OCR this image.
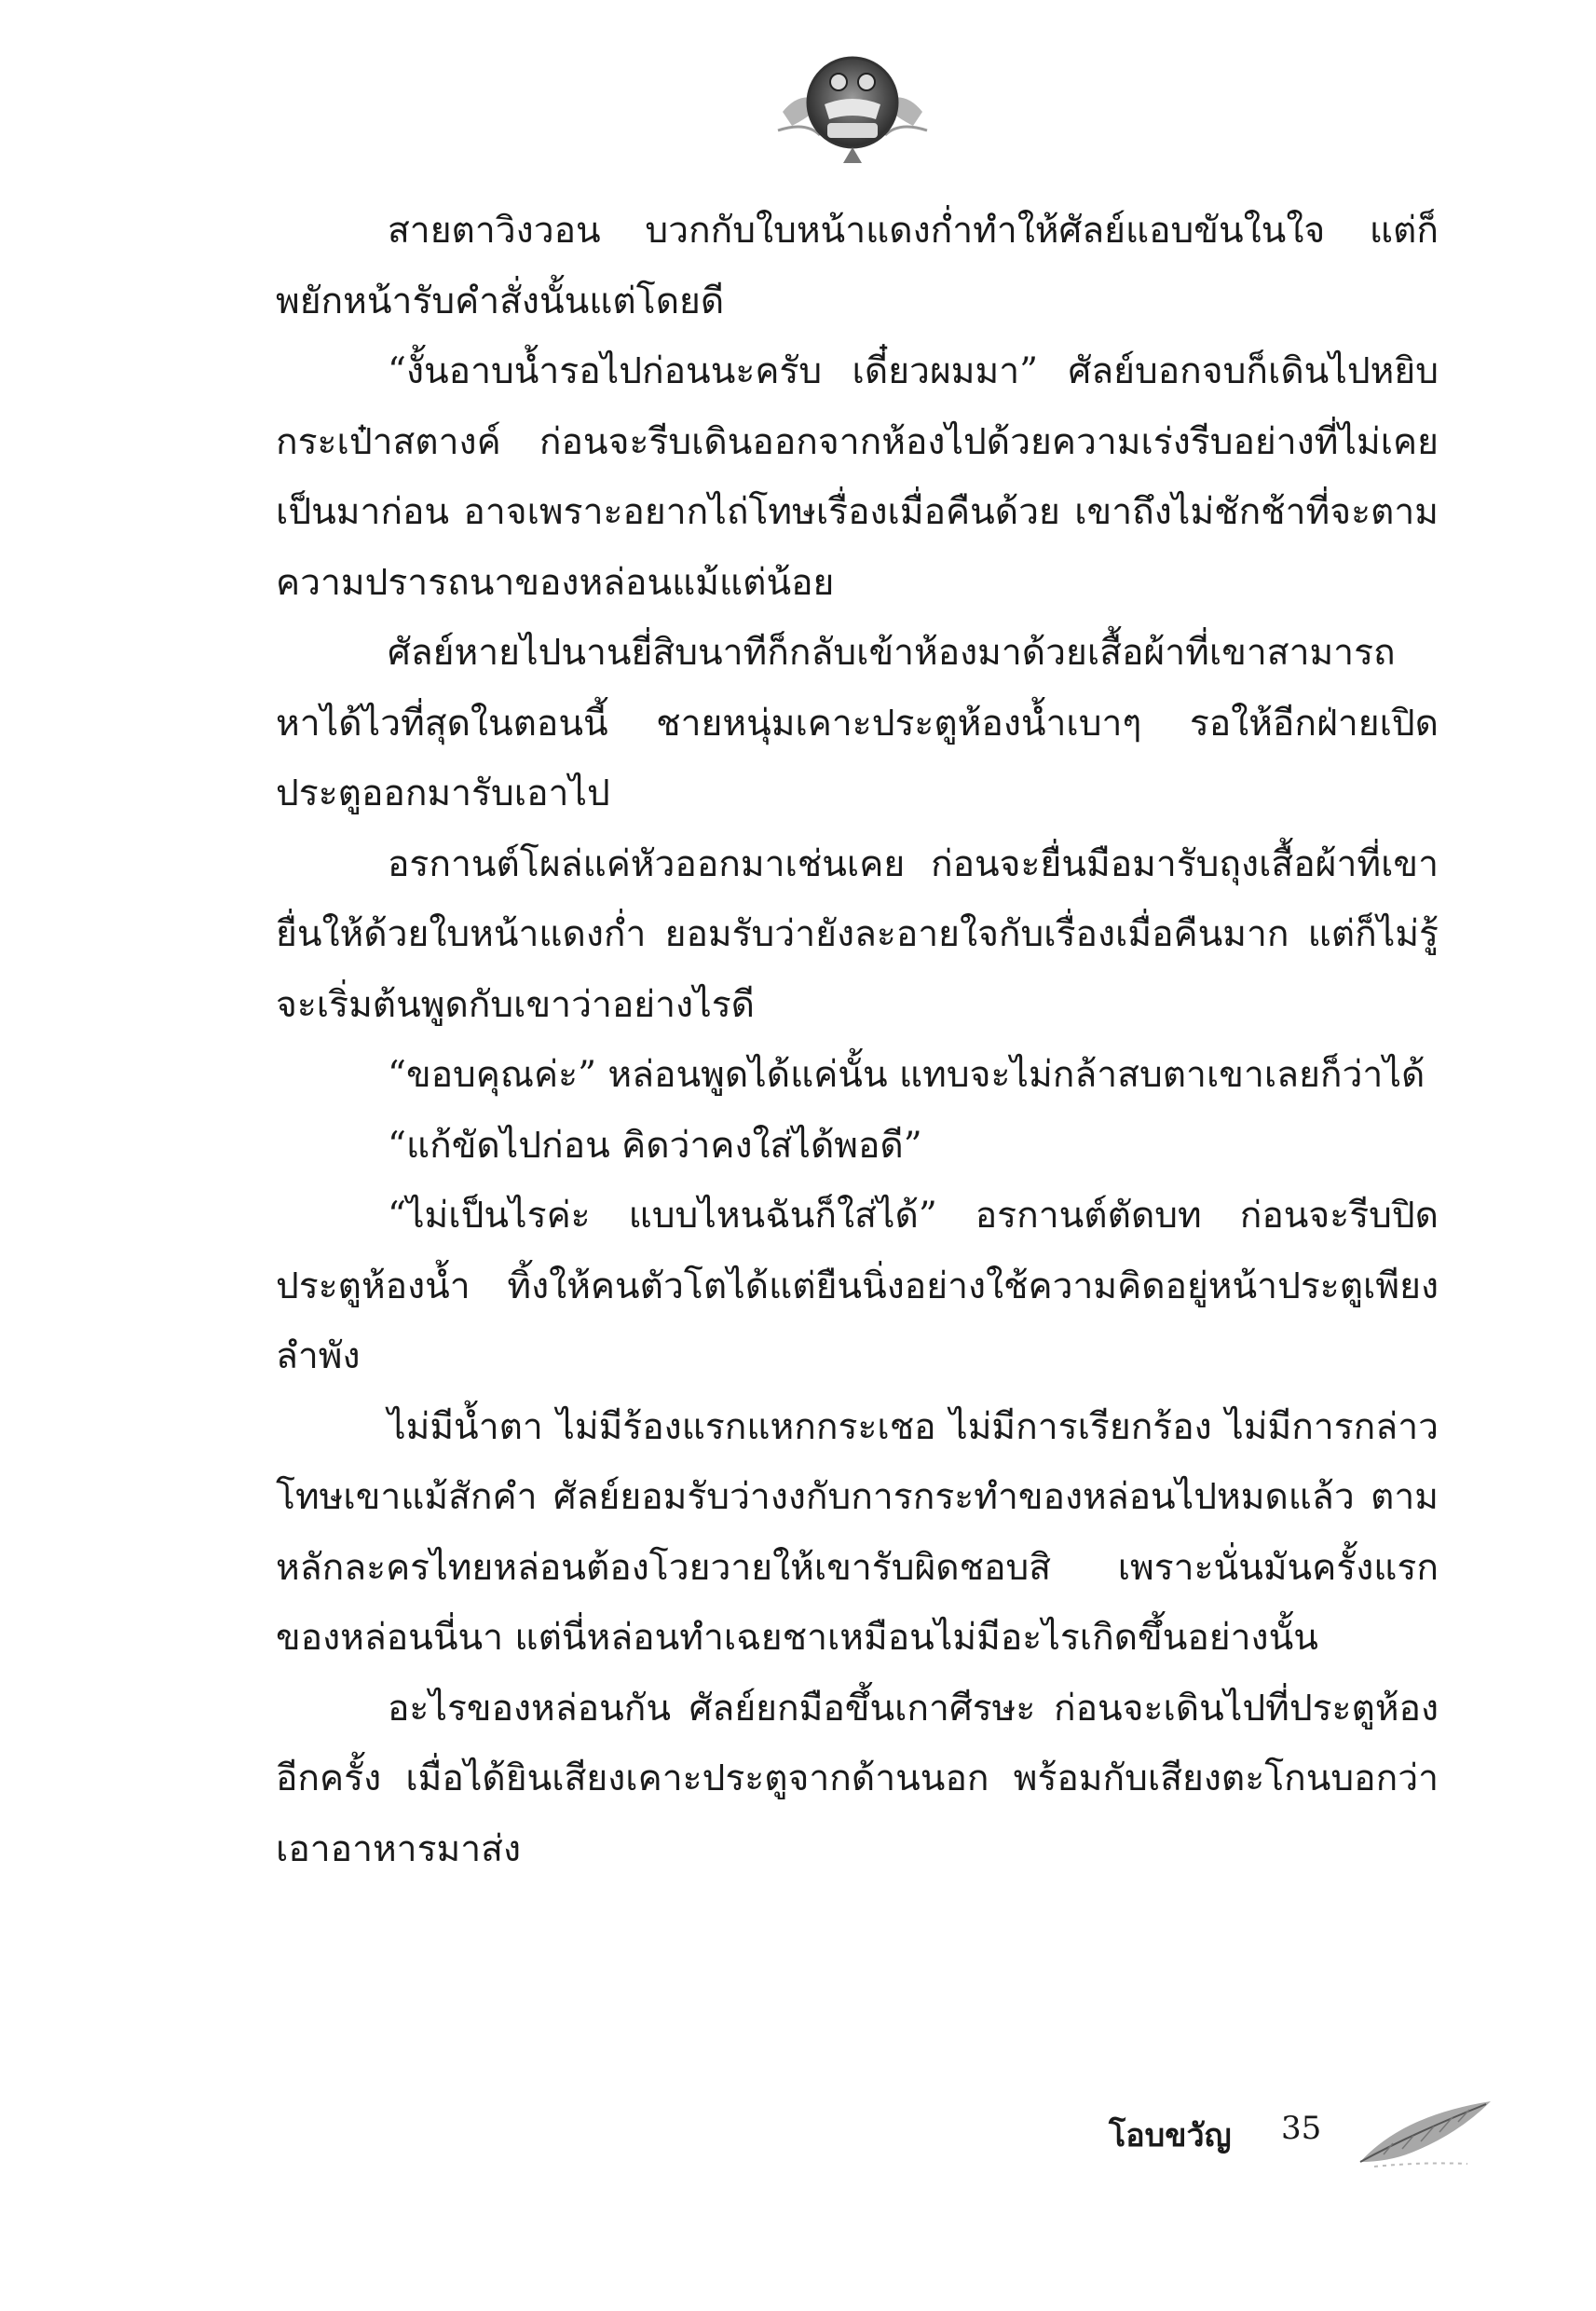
สายตาวิงวอน บวกกับใบหน้าแดงก่ำทำให้ศัลย์แอบขันในใจ แต่ก็พยักหน้ารับคำสั่งนั้นแต่โดยดี

“งั้นอาบน้ำรอไปก่อนนะครับ เดี๋ยวผมมา” ศัลย์บอกจบก็เดินไปหยิบกระเป๋าสตางค์ ก่อนจะรีบเดินออกจากห้องไปด้วยความเร่งรีบอย่างที่ไม่เคยเป็นมาก่อน อาจเพราะอยากไถ่โทษเรื่องเมื่อคืนด้วย เขาถึงไม่ชักช้าที่จะตามความปรารถนาของหล่อนแม้แต่น้อย

ศัลย์หายไปนานยี่สิบนาทีก็กลับเข้าห้องมาด้วยเสื้อผ้าที่เขาสามารถหาได้ไวที่สุดในตอนนี้ ชายหนุ่มเคาะประตูห้องน้ำเบาๆ รอให้อีกฝ่ายเปิดประตูออกมารับเอาไป

อรกานต์โผล่แค่หัวออกมาเช่นเคย ก่อนจะยื่นมือมารับถุงเสื้อผ้าที่เขายื่นให้ด้วยใบหน้าแดงก่ำ ยอมรับว่ายังละอายใจกับเรื่องเมื่อคืนมาก แต่ก็ไม่รู้จะเริ่มต้นพูดกับเขาว่าอย่างไรดี

“ขอบคุณค่ะ” หล่อนพูดได้แค่นั้น แทบจะไม่กล้าสบตาเขาเลยก็ว่าได้

“แก้ขัดไปก่อน คิดว่าคงใส่ได้พอดี”

“ไม่เป็นไรค่ะ แบบไหนฉันก็ใส่ได้” อรกานต์ตัดบท ก่อนจะรีบปิดประตูห้องน้ำ ทิ้งให้คนตัวโตได้แต่ยืนนิ่งอย่างใช้ความคิดอยู่หน้าประตูเพียงลำพัง

ไม่มีน้ำตา ไม่มีร้องแรกแหกกระเชอ ไม่มีการเรียกร้อง ไม่มีการกล่าวโทษเขาแม้สักคำ ศัลย์ยอมรับว่างงกับการกระทำของหล่อนไปหมดแล้ว ตามหลักละครไทยหล่อนต้องโวยวายให้เขารับผิดชอบสิ เพราะนั่นมันครั้งแรกของหล่อนนี่นา แต่นี่หล่อนทำเฉยชาเหมือนไม่มีอะไรเกิดขึ้นอย่างนั้น

อะไรของหล่อนกัน ศัลย์ยกมือขึ้นเกาศีรษะ ก่อนจะเดินไปที่ประตูห้องอีกครั้ง เมื่อได้ยินเสียงเคาะประตูจากด้านนอก พร้อมกับเสียงตะโกนบอกว่าเอาอาหารมาส่ง

โอบขวัญ 35
